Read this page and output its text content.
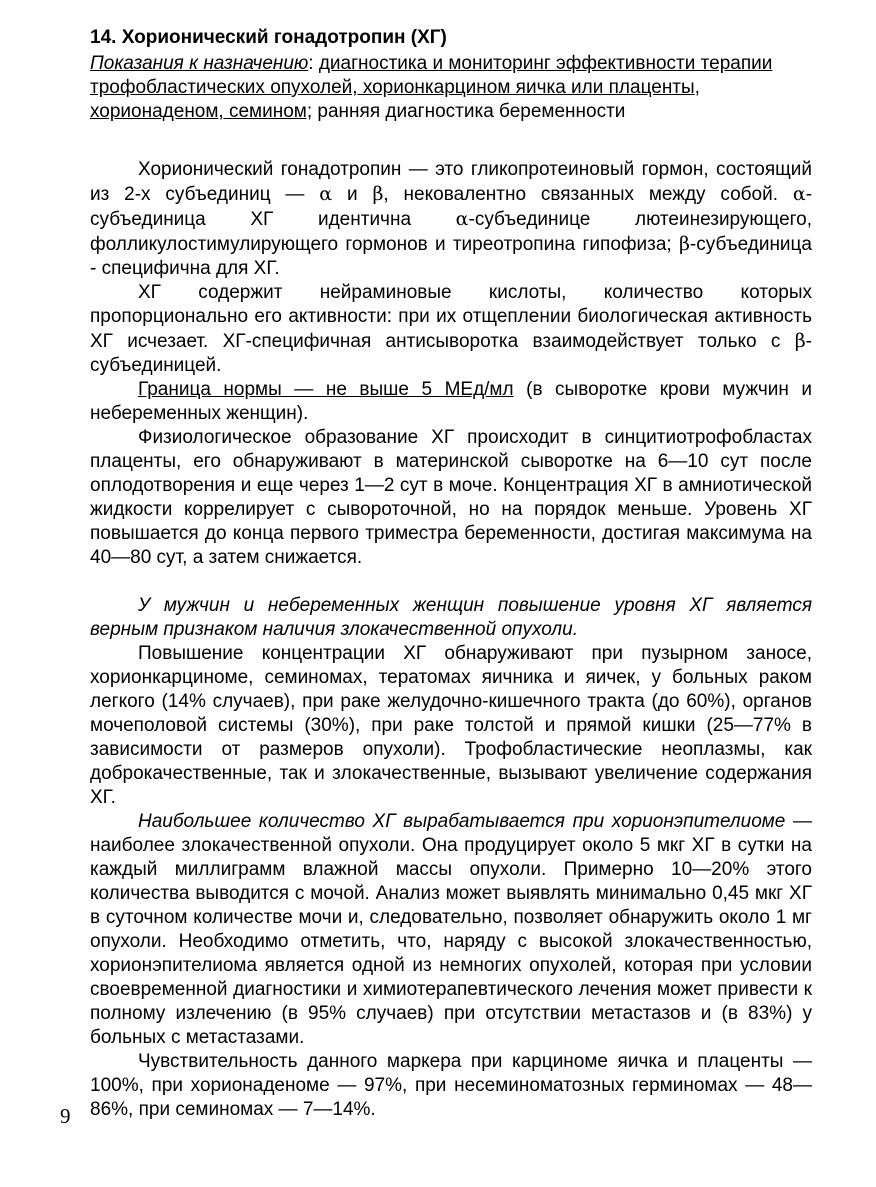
14. Хорионический гонадотропин (ХГ)
Показания к назначению: диагностика и мониторинг эффективности терапии трофобластических опухолей, хорионкарцином яичка или плаценты, хорионаденом, семином; ранняя диагностика беременности

Хорионический гонадотропин — это гликопротеиновый гормон, состоящий из 2-х субъединиц — α и β, нековалентно связанных между собой. α-субъединица ХГ идентична α-субъединице лютеинезирующего, фолликулостимулирующего гормонов и тиреотропина гипофиза; β-субъединица - специфична для ХГ.

ХГ содержит нейраминовые кислоты, количество которых пропорционально его активности: при их отщеплении биологическая активность ХГ исчезает. ХГ-специфичная антисыворотка взаимодействует только с β-субъединицей.

Граница нормы — не выше 5 МЕд/мл (в сыворотке крови мужчин и небеременных женщин).

Физиологическое образование ХГ происходит в синцитиотрофобластах плаценты, его обнаруживают в материнской сыворотке на 6—10 сут после оплодотворения и еще через 1—2 сут в моче. Концентрация ХГ в амниотической жидкости коррелирует с сывороточной, но на порядок меньше. Уровень ХГ повышается до конца первого триместра беременности, достигая максимума на 40—80 сут, а затем снижается.

У мужчин и небеременных женщин повышение уровня ХГ является верным признаком наличия злокачественной опухоли.

Повышение концентрации ХГ обнаруживают при пузырном заносе, хорионкарциноме, семиномах, тератомах яичника и яичек, у больных раком легкого (14% случаев), при раке желудочно-кишечного тракта (до 60%), органов мочеполовой системы (30%), при раке толстой и прямой кишки (25—77% в зависимости от размеров опухоли). Трофобластические неоплазмы, как доброкачественные, так и злокачественные, вызывают увеличение содержания ХГ.

Наибольшее количество ХГ вырабатывается при хорионэпителиоме — наиболее злокачественной опухоли. Она продуцирует около 5 мкг ХГ в сутки на каждый миллиграмм влажной массы опухоли. Примерно 10—20% этого количества выводится с мочой. Анализ может выявлять минимально 0,45 мкг ХГ в суточном количестве мочи и, следовательно, позволяет обнаружить около 1 мг опухоли. Необходимо отметить, что, наряду с высокой злокачественностью, хорионэпителиома является одной из немногих опухолей, которая при условии своевременной диагностики и химиотерапевтического лечения может привести к полному излечению (в 95% случаев) при отсутствии метастазов и (в 83%) у больных с метастазами.

Чувствительность данного маркера при карциноме яичка и плаценты — 100%, при хорионаденоме — 97%, при несеминоматозных герминомах — 48—86%, при семиномах — 7—14%.

9
